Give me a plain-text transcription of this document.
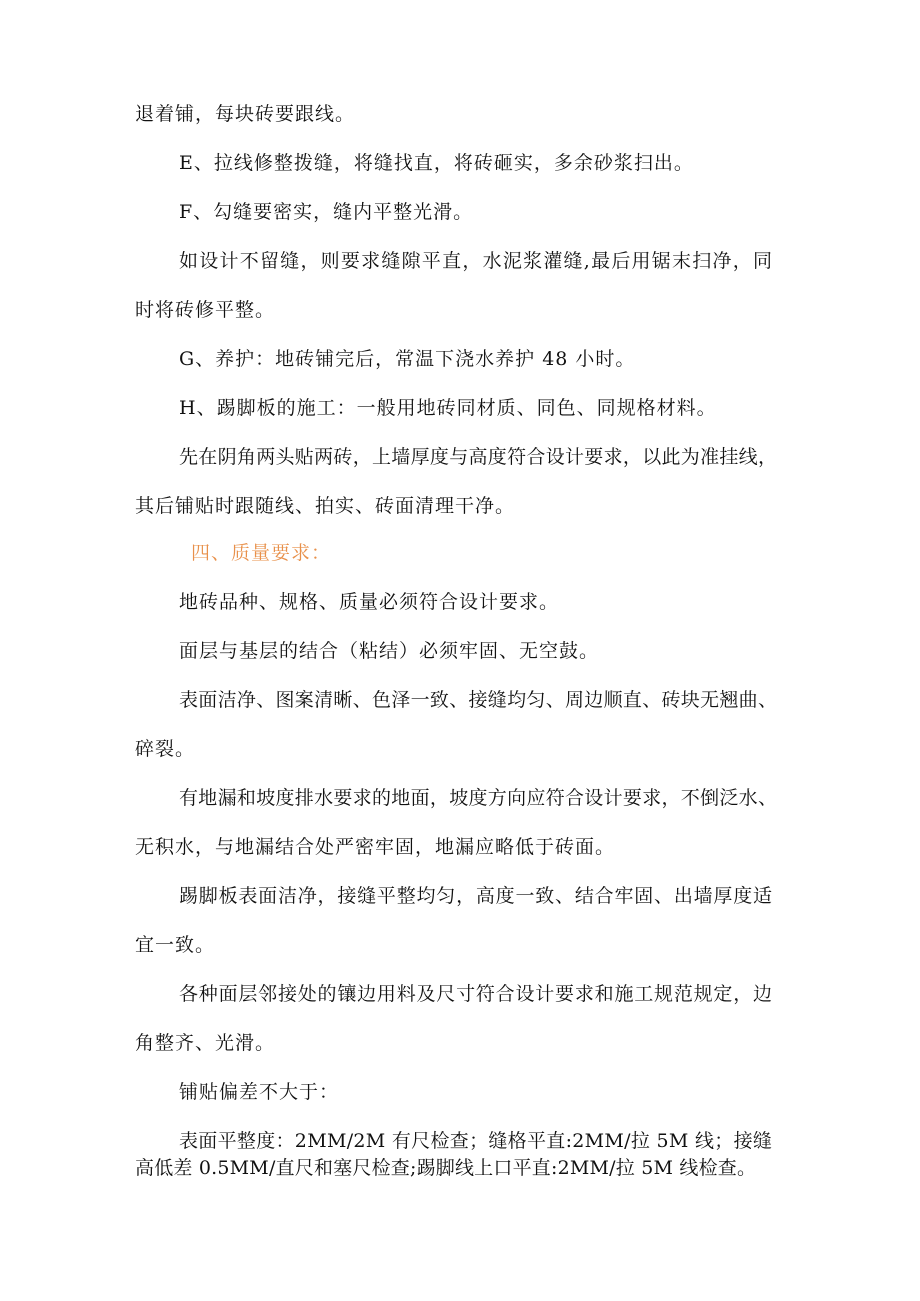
退着铺，每块砖要跟线。
E、拉线修整拨缝，将缝找直，将砖砸实，多余砂浆扫出。
F、勾缝要密实，缝内平整光滑。
如设计不留缝，则要求缝隙平直，水泥浆灌缝,最后用锯末扫净，同
时将砖修平整。
G、养护：地砖铺完后，常温下浇水养护 48 小时。
H、踢脚板的施工：一般用地砖同材质、同色、同规格材料。
先在阴角两头贴两砖，上墙厚度与高度符合设计要求，以此为准挂线，
其后铺贴时跟随线、拍实、砖面清理干净。
四、质量要求：
地砖品种、规格、质量必须符合设计要求。
面层与基层的结合（粘结）必须牢固、无空鼓。
表面洁净、图案清晰、色泽一致、接缝均匀、周边顺直、砖块无翘曲、
碎裂。
有地漏和坡度排水要求的地面，坡度方向应符合设计要求，不倒泛水、
无积水，与地漏结合处严密牢固，地漏应略低于砖面。
踢脚板表面洁净，接缝平整均匀，高度一致、结合牢固、出墙厚度适
宜一致。
各种面层邻接处的镶边用料及尺寸符合设计要求和施工规范规定，边
角整齐、光滑。
铺贴偏差不大于：
表面平整度：2MM/2M 有尺检查；缝格平直:2MM/拉 5M 线；接缝
高低差 0.5MM/直尺和塞尺检查;踢脚线上口平直:2MM/拉 5M 线检查。
